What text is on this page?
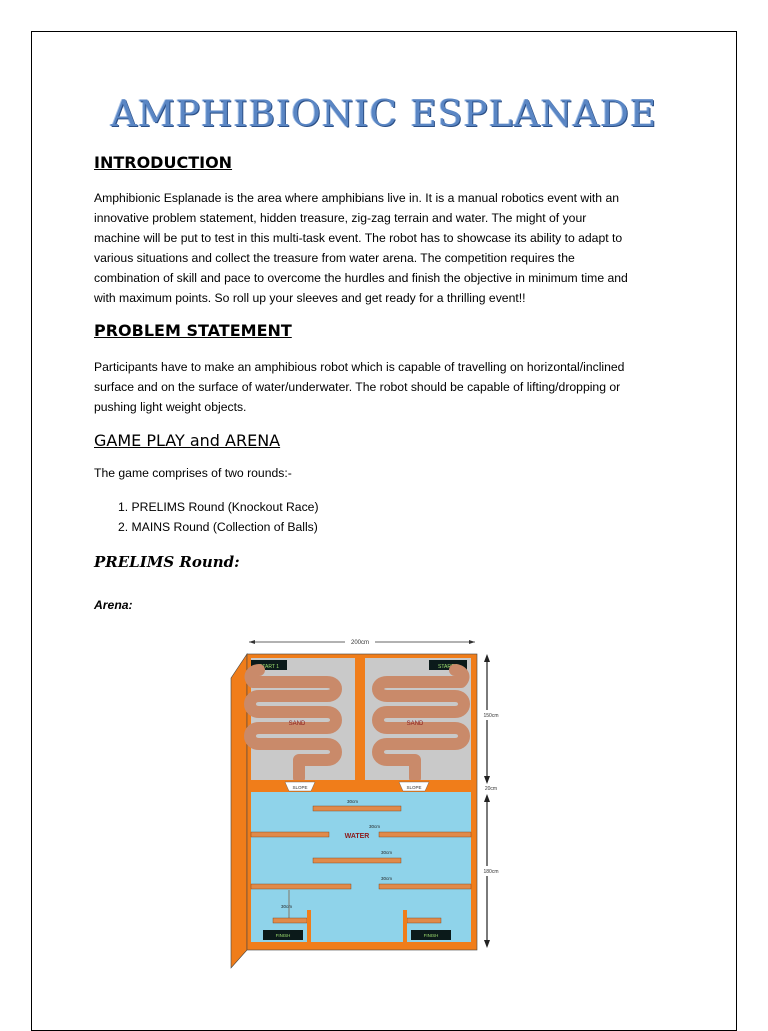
AMPHIBIONIC ESPLANADE
INTRODUCTION
Amphibionic Esplanade is the area where amphibians live in. It is a manual robotics event with an
innovative problem statement, hidden treasure, zig-zag terrain and water. The might of your
machine will be put to test in this multi-task event. The robot has to showcase its ability to adapt to
various situations and collect the treasure from water arena. The competition requires the
combination of skill and pace to overcome the hurdles and finish the objective in minimum time and
with maximum points. So roll up your sleeves and get ready for a thrilling event!!
PROBLEM STATEMENT
Participants have to make an amphibious robot which is capable of travelling on horizontal/inclined
surface and on the surface of water/underwater. The robot should be capable of lifting/dropping or
pushing light weight objects.
GAME PLAY and ARENA
The game comprises of two rounds:-
1. PRELIMS Round (Knockout Race)
2. MAINS Round (Collection of Balls)
PRELIMS Round:
Arena:
200cm
START 1	START 2
SAND	SAND
SLOPE	SLOPE
WATER
30cm
30cm
30cm
30cm
30cm
FINISH	FINISH
150cm
20cm
180cm
